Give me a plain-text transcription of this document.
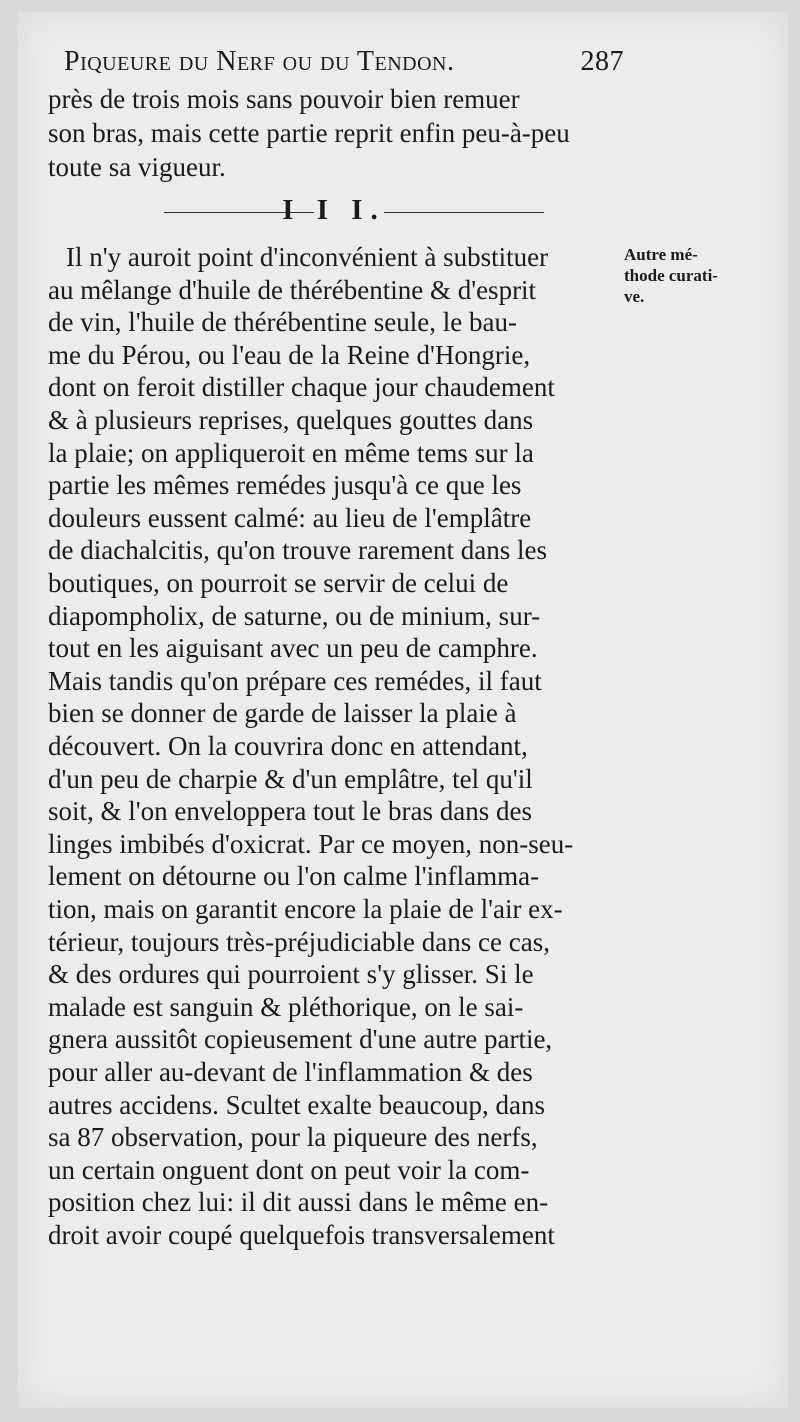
Piqueure du Nerf ou du Tendon.	287
I I I.
Autre mé-
thode curati-
ve.
près de trois mois sans pouvoir bien remuer
son bras, mais cette partie reprit enfin peu-à-peu
toute sa vigueur.
Il n'y auroit point d'inconvénient à substituer
au mêlange d'huile de thérébentine & d'esprit
de vin, l'huile de thérébentine seule, le bau-
me du Pérou, ou l'eau de la Reine d'Hongrie,
dont on feroit distiller chaque jour chaudement
& à plusieurs reprises, quelques gouttes dans
la plaie; on appliqueroit en même tems sur la
partie les mêmes remédes jusqu'à ce que les
douleurs eussent calmé: au lieu de l'emplâtre
de diachalcitis, qu'on trouve rarement dans les
boutiques, on pourroit se servir de celui de
diapompholix, de saturne, ou de minium, sur-
tout en les aiguisant avec un peu de camphre.
Mais tandis qu'on prépare ces remédes, il faut
bien se donner de garde de laisser la plaie à
découvert. On la couvrira donc en attendant,
d'un peu de charpie & d'un emplâtre, tel qu'il
soit, & l'on enveloppera tout le bras dans des
linges imbibés d'oxicrat. Par ce moyen, non-seu-
lement on détourne ou l'on calme l'inflamma-
tion, mais on garantit encore la plaie de l'air ex-
térieur, toujours très-préjudiciable dans ce cas,
& des ordures qui pourroient s'y glisser. Si le
malade est sanguin & pléthorique, on le sai-
gnera aussitôt copieusement d'une autre partie,
pour aller au-devant de l'inflammation & des
autres accidens. Scultet exalte beaucoup, dans
sa 87 observation, pour la piqueure des nerfs,
un certain onguent dont on peut voir la com-
position chez lui: il dit aussi dans le même en-
droit avoir coupé quelquefois transversalement
